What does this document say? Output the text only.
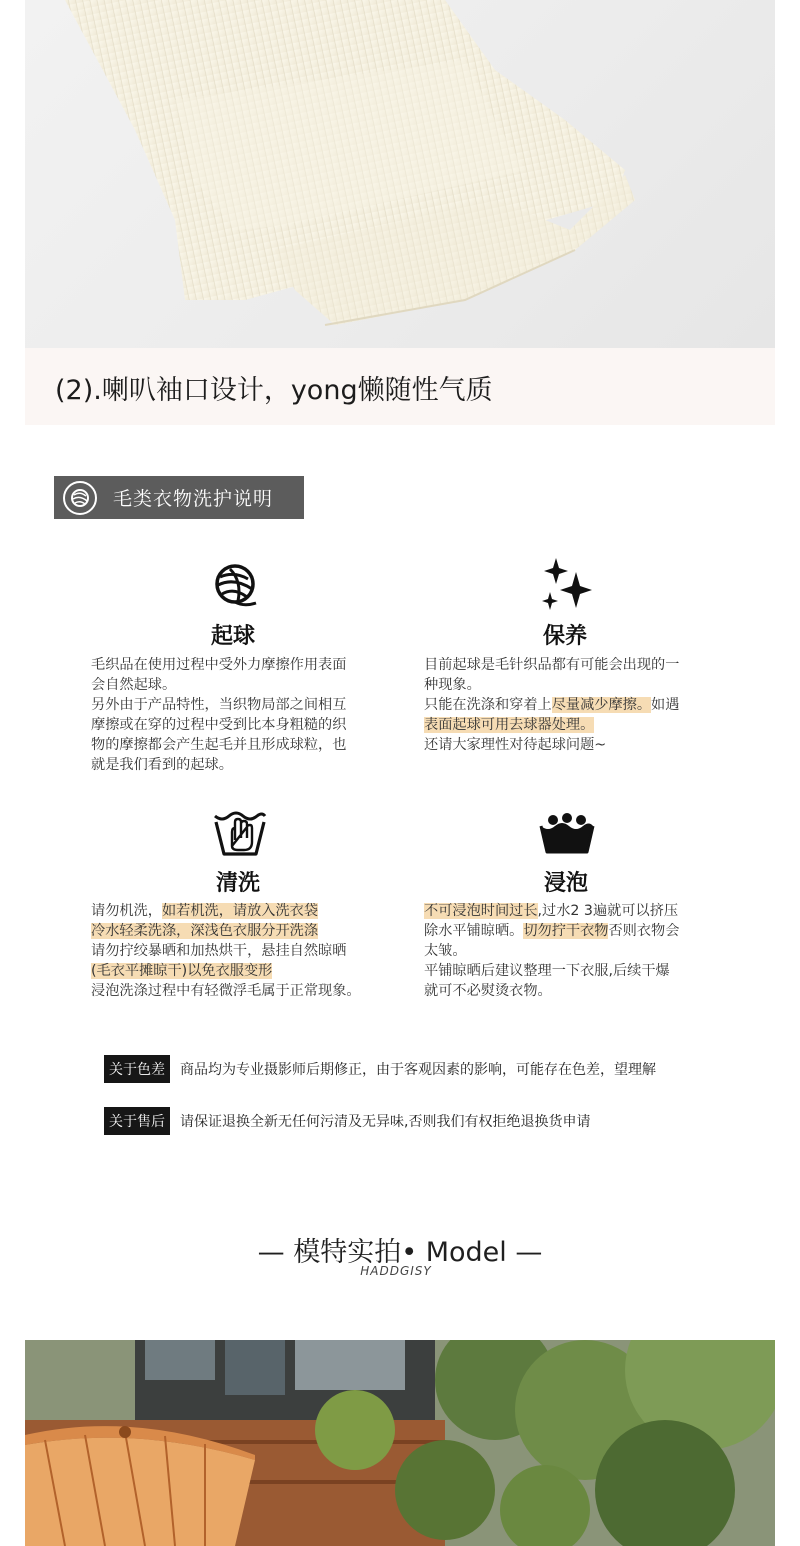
(2).喇叭袖口设计，yong懒随性气质
毛类衣物洗护说明
起球

毛织品在使用过程中受外力摩擦作用表面

会自然起球。

另外由于产品特性，当织物局部之间相互

摩擦或在穿的过程中受到比本身粗糙的织

物的摩擦都会产生起毛并且形成球粒，也

就是我们看到的起球。

保养

目前起球是毛针织品都有可能会出现的一

种现象。

只能在洗涤和穿着上尽量减少摩擦。如遇

表面起球可用去球器处理。

还请大家理性对待起球问题~

清洗

请勿机洗，如若机洗，请放入洗衣袋

冷水轻柔洗涤，深浅色衣服分开洗涤

请勿拧绞暴晒和加热烘干，悬挂自然晾晒

(毛衣平摊晾干)以免衣服变形

浸泡洗涤过程中有轻微浮毛属于正常现象。

浸泡

不可浸泡时间过长,过水2 3遍就可以挤压

除水平铺晾晒。切勿拧干衣物否则衣物会

太皱。

平铺晾晒后建议整理一下衣服,后续干爆

就可不必熨烫衣物。

关于色差	商品均为专业摄影师后期修正，由于客观因素的影响，可能存在色差，望理解
关于售后	请保证退换全新无任何污清及无异味,否则我们有权拒绝退换货申请
— 模特实拍• Model —
HADDGISY
